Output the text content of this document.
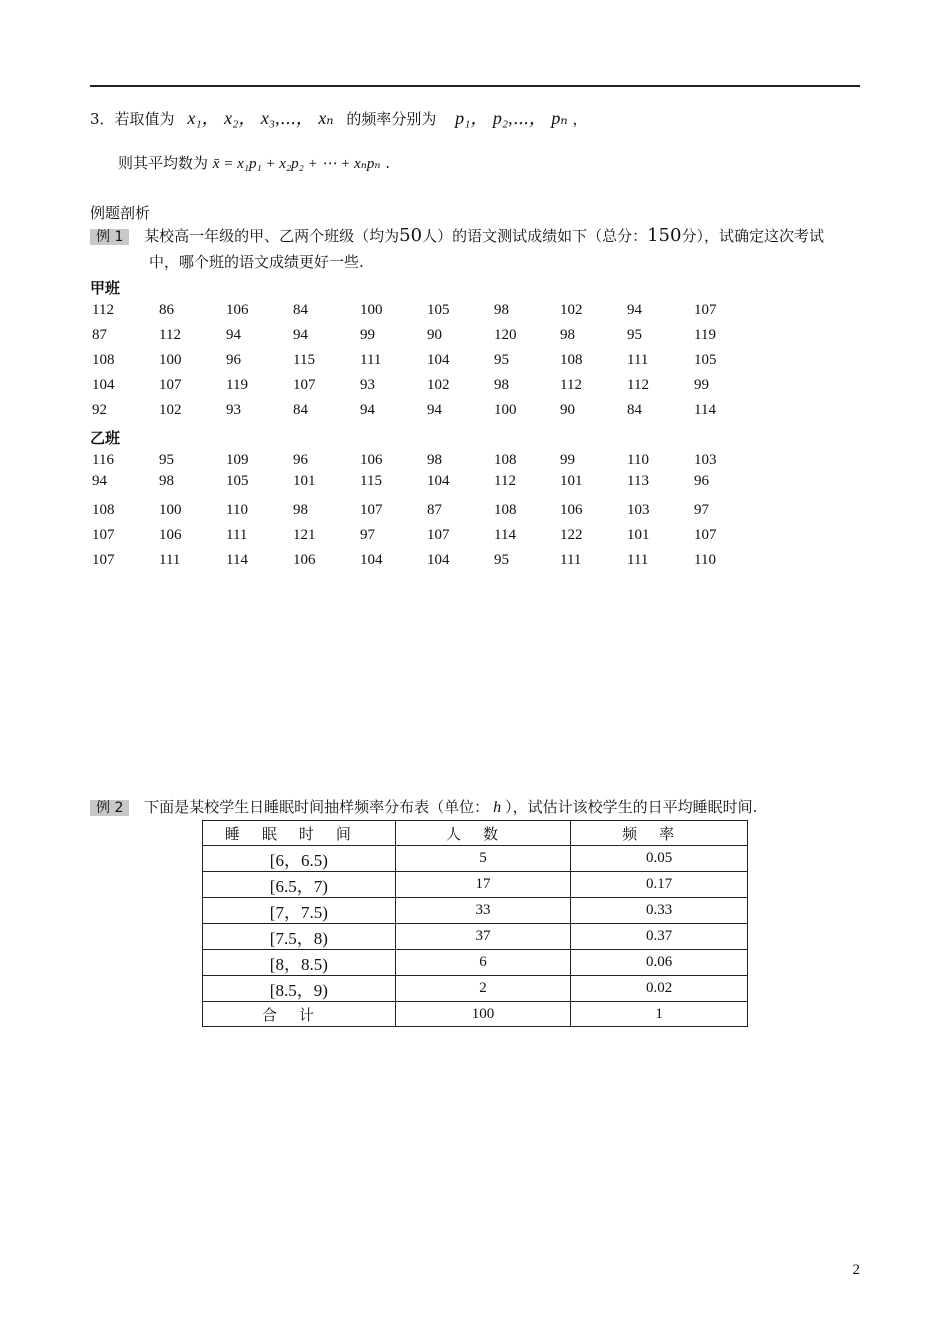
3．若取值为 x₁， x₂， x₃,⋯， xₙ 的频率分别为 p₁， p₂,⋯， pₙ ，
则其平均数为 x̄ = x₁p₁ + x₂p₂ + ⋯ + xₙpₙ .
例题剖析
例 1 某校高一年级的甲、乙两个班级（均为50人）的语文测试成绩如下（总分：150分），试确定这次考试
中，哪个班的语文成绩更好一些.
甲班
112	86	106	84	100	105	98	102	94	107
87	112	94	94	99	90	120	98	95	119
108	100	96	115	111	104	95	108	111	105
104	107	119	107	93	102	98	112	112	99
92	102	93	84	94	94	100	90	84	114
乙班
116	95	109	96	106	98	108	99	110	103
94	98	105	101	115	104	112	101	113	96
108	100	110	98	107	87	108	106	103	97
107	106	111	121	97	107	114	122	101	107
107	111	114	106	104	104	95	111	111	110
例 2 下面是某校学生日睡眠时间抽样频率分布表（单位： h ），试估计该校学生的日平均睡眠时间.
睡眠时间	人数	频率
[6，6.5)	5	0.05
[6.5，7)	17	0.17
[7，7.5)	33	0.33
[7.5，8)	37	0.37
[8，8.5)	6	0.06
[8.5，9)	2	0.02
合计	100	1
2
